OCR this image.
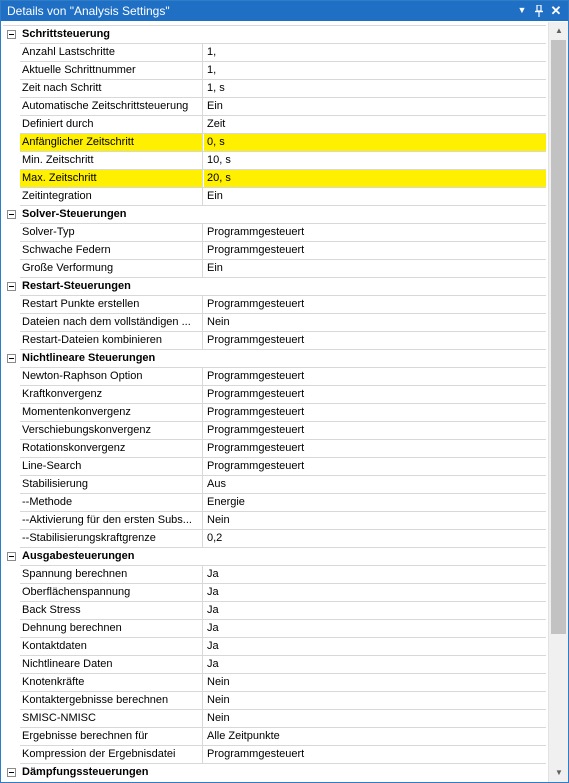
Details von "Analysis Settings"	▼ ✕
Schrittsteuerung
Anzahl Lastschritte	1,
Aktuelle Schrittnummer	1,
Zeit nach Schritt	1, s
Automatische Zeitschrittsteuerung	Ein
Definiert durch	Zeit
Anfänglicher Zeitschritt	0, s
Min. Zeitschritt	10, s
Max. Zeitschritt	20, s
Zeitintegration	Ein
Solver-Steuerungen
Solver-Typ	Programmgesteuert
Schwache Federn	Programmgesteuert
Große Verformung	Ein
Restart-Steuerungen
Restart Punkte erstellen	Programmgesteuert
Dateien nach dem vollständigen ...	Nein
Restart-Dateien kombinieren	Programmgesteuert
Nichtlineare Steuerungen
Newton-Raphson Option	Programmgesteuert
Kraftkonvergenz	Programmgesteuert
Momentenkonvergenz	Programmgesteuert
Verschiebungskonvergenz	Programmgesteuert
Rotationskonvergenz	Programmgesteuert
Line-Search	Programmgesteuert
Stabilisierung	Aus
--Methode	Energie
--Aktivierung für den ersten Subs...	Nein
--Stabilisierungskraftgrenze	0,2
Ausgabesteuerungen
Spannung berechnen	Ja
Oberflächenspannung	Ja
Back Stress	Ja
Dehnung berechnen	Ja
Kontaktdaten	Ja
Nichtlineare Daten	Ja
Knotenkräfte	Nein
Kontaktergebnisse berechnen	Nein
SMISC-NMISC	Nein
Ergebnisse berechnen für	Alle Zeitpunkte
Kompression der Ergebnisdatei	Programmgesteuert
Dämpfungssteuerungen
▲
▼
